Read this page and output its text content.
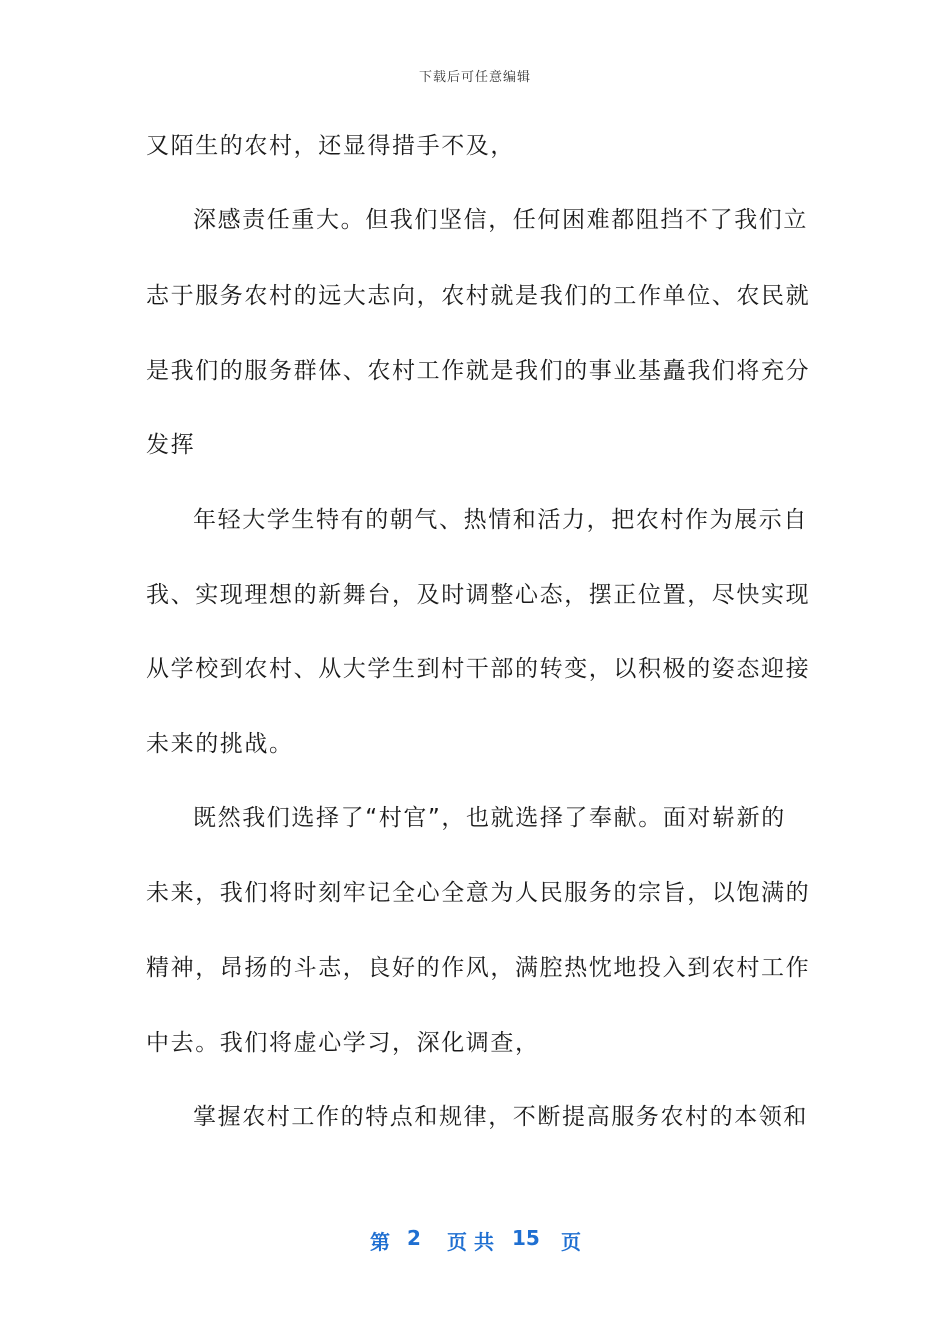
下载后可任意编辑
又陌生的农村，还显得措手不及，
深感责任重大。但我们坚信，任何困难都阻挡不了我们立
志于服务农村的远大志向，农村就是我们的工作单位、农民就
是我们的服务群体、农村工作就是我们的事业基矗我们将充分
发挥
年轻大学生特有的朝气、热情和活力，把农村作为展示自
我、实现理想的新舞台，及时调整心态，摆正位置，尽快实现
从学校到农村、从大学生到村干部的转变，以积极的姿态迎接
未来的挑战。
既然我们选择了“村官”，也就选择了奉献。面对崭新的
未来，我们将时刻牢记全心全意为人民服务的宗旨，以饱满的
精神，昂扬的斗志，良好的作风，满腔热忱地投入到农村工作
中去。我们将虚心学习，深化调查，
掌握农村工作的特点和规律，不断提高服务农村的本领和
第 2 页 共 15 页
